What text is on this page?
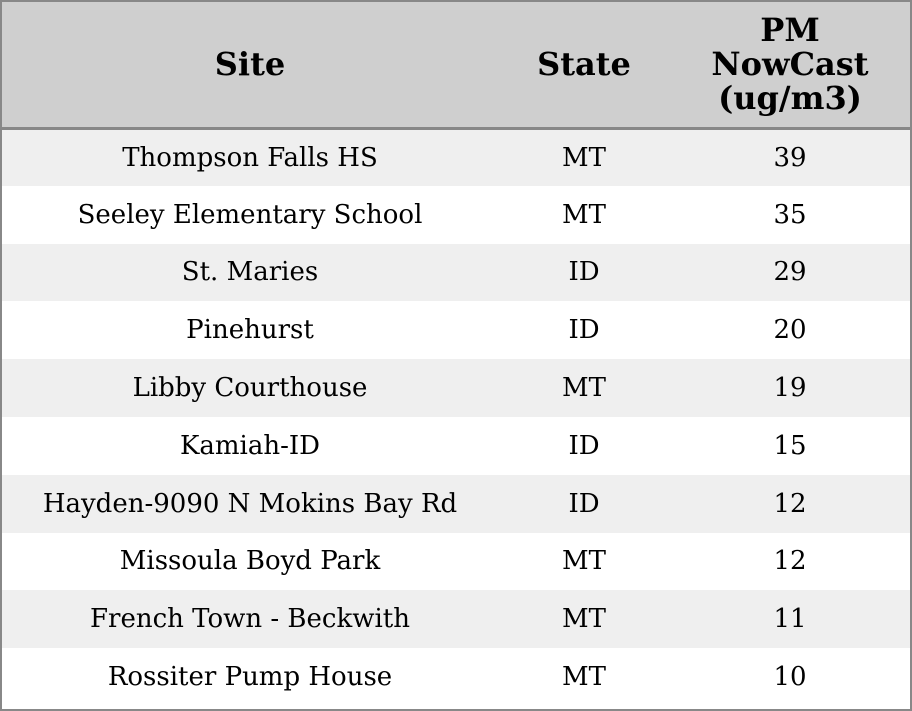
Site	State	PM
NowCast
(ug/m3)

Thompson Falls HS	MT	39
Seeley Elementary School	MT	35
St. Maries	ID	29
Pinehurst	ID	20
Libby Courthouse	MT	19
Kamiah-ID	ID	15
Hayden-9090 N Mokins Bay Rd	ID	12
Missoula Boyd Park	MT	12
French Town - Beckwith	MT	11
Rossiter Pump House	MT	10
